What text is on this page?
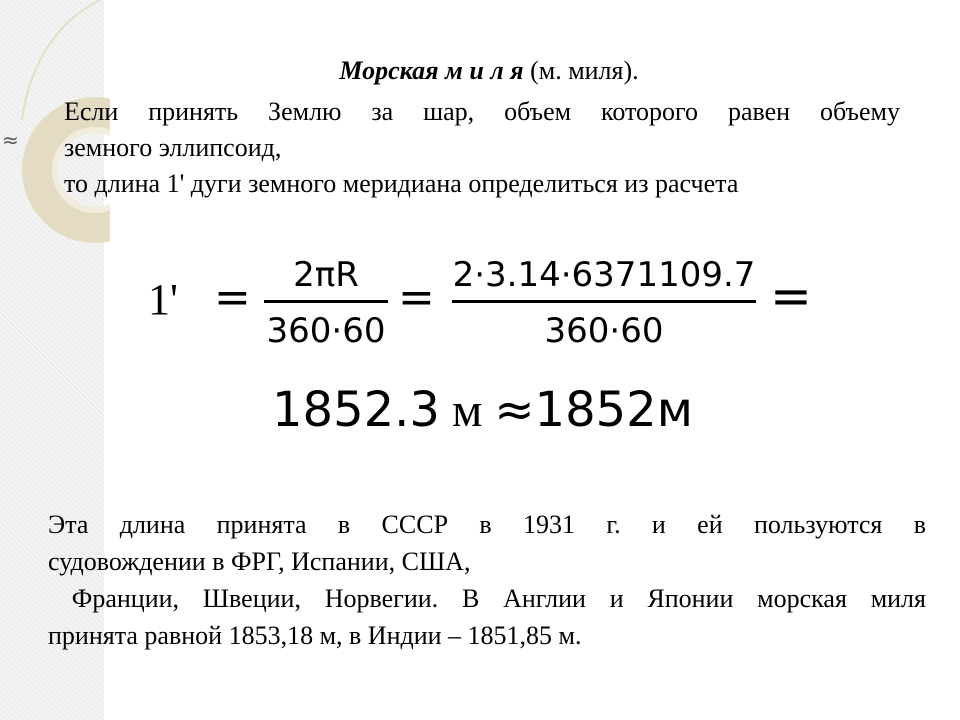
≈
Морская м и л я (м. миля).
Если принять Землю за шар, объем которого равен объему
земного эллипсоид,
то длина 1' дуги земного меридиана определиться из расчета
1' =	2πR
360·60
= 2·3.14·6371109.7
360·60
=
1852.3 м ≈1852м
Эта длина принята в СССР в 1931 г. и ей пользуются в
судовождении в ФРГ, Испании, США,
Франции, Швеции, Норвегии. В Англии и Японии морская миля
принята равной 1853,18 м, в Индии – 1851,85 м.
